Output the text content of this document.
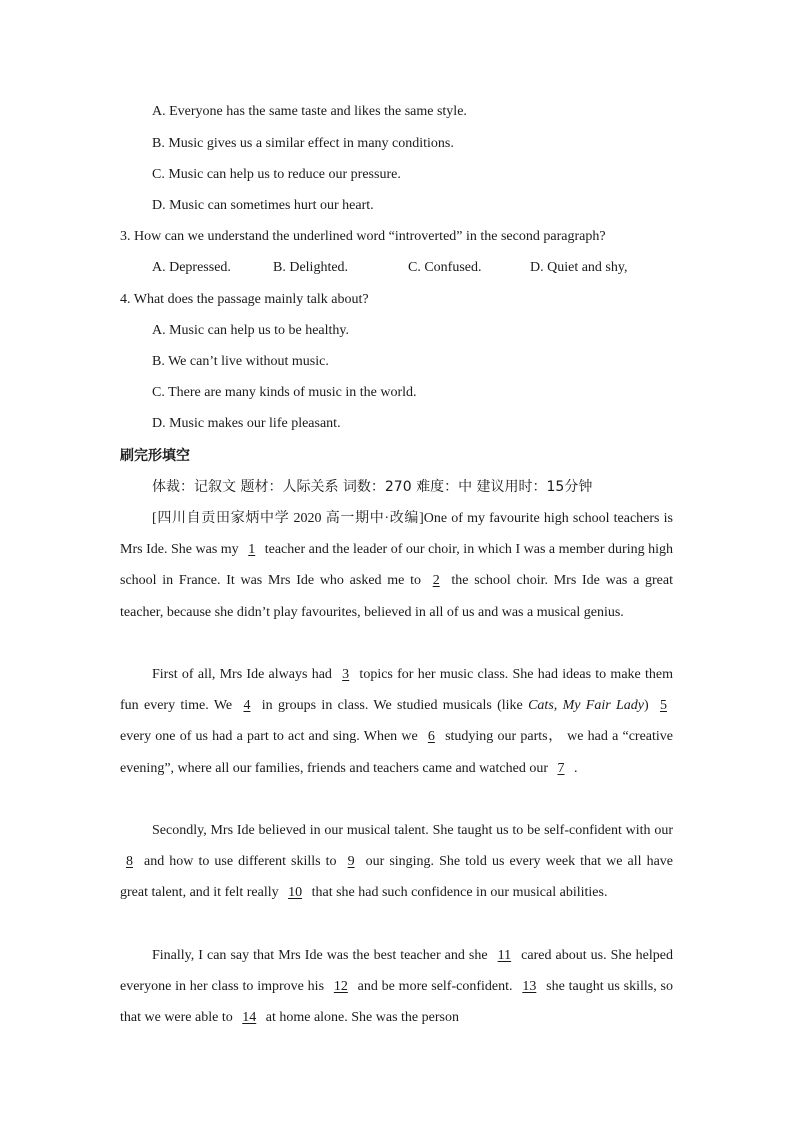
A. Everyone has the same taste and likes the same style.
B. Music gives us a similar effect in many conditions.
C. Music can help us to reduce our pressure.
D. Music can sometimes hurt our heart.
3. How can we understand the underlined word “introverted” in the second paragraph?
A. Depressed.	B. Delighted.	C. Confused.	D. Quiet and shy,
4. What does the passage mainly talk about?
A. Music can help us to be healthy.
B. We can’t live without music.
C. There are many kinds of music in the world.
D. Music makes our life pleasant.
刷完形填空
体裁：记叙文 题材：人际关系 词数：270 难度：中 建议用时：15分钟
[四川自贡田家炳中学 2020 高一期中·改编]One of my favourite high school teachers is Mrs Ide. She was my 1 teacher and the leader of our choir, in which I was a member during high school in France. It was Mrs Ide who asked me to 2 the school choir. Mrs Ide was a great teacher, because she didn’t play favourites, believed in all of us and was a musical genius.
First of all, Mrs Ide always had 3 topics for her music class. She had ideas to make them fun every time. We 4 in groups in class. We studied musicals (like Cats, My Fair Lady) 5 every one of us had a part to act and sing. When we 6 studying our parts， we had a “creative evening”, where all our families, friends and teachers came and watched our 7 .
Secondly, Mrs Ide believed in our musical talent. She taught us to be self-confident with our 8 and how to use different skills to 9 our singing. She told us every week that we all have great talent, and it felt really 10 that she had such confidence in our musical abilities.
Finally, I can say that Mrs Ide was the best teacher and she 11 cared about us. She helped everyone in her class to improve his 12 and be more self-confident. 13 she taught us skills, so that we were able to 14 at home alone. She was the person
